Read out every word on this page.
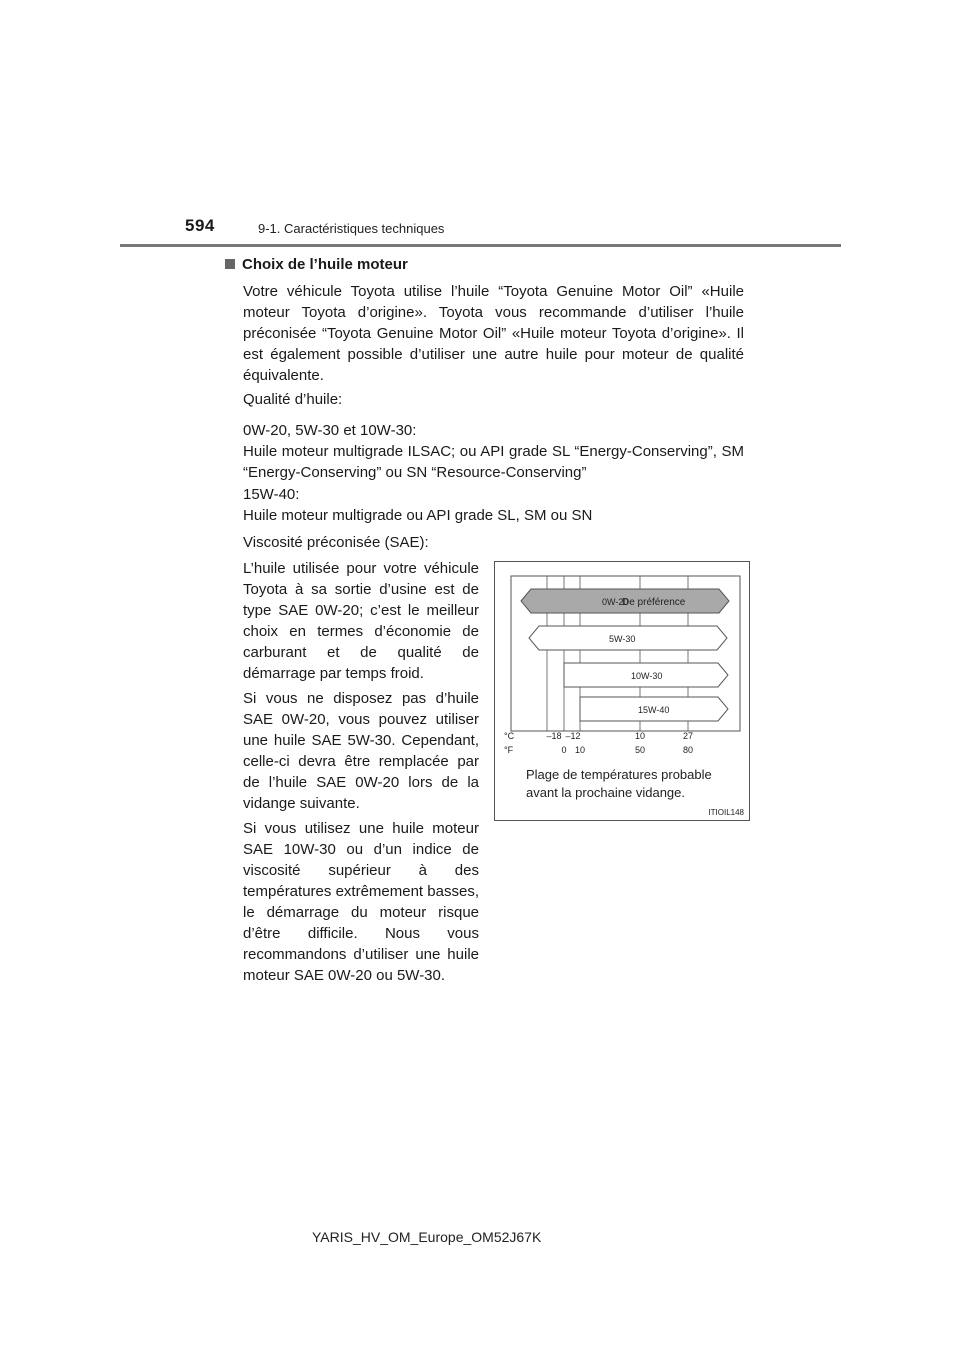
594	9-1. Caractéristiques techniques
Choix de l’huile moteur
Votre véhicule Toyota utilise l’huile “Toyota Genuine Motor Oil” «Huile moteur Toyota d’origine». Toyota vous recommande d’utiliser l’huile préconisée “Toyota Genuine Motor Oil” «Huile moteur Toyota d’origine». Il est également possible d’utiliser une autre huile pour moteur de qualité équivalente.
Qualité d’huile:
0W-20, 5W-30 et 10W-30:
Huile moteur multigrade ILSAC; ou API grade SL “Energy-Conserving”, SM “Energy-Conserving” ou SN “Resource-Conserving”
15W-40:
Huile moteur multigrade ou API grade SL, SM ou SN
Viscosité préconisée (SAE):
L’huile utilisée pour votre véhicule Toyota à sa sortie d’usine est de type SAE 0W-20; c’est le meilleur choix en termes d’économie de carburant et de qualité de démarrage par temps froid.
Si vous ne disposez pas d’huile SAE 0W-20, vous pouvez utiliser une huile SAE 5W-30. Cependant, celle-ci devra être remplacée par de l’huile SAE 0W-20 lors de la vidange suivante.
Si vous utilisez une huile moteur SAE 10W-30 ou d’un indice de viscosité supérieur à des températures extrêmement basses, le démarrage du moteur risque d’être difficile. Nous vous recommandons d’utiliser une huile moteur SAE 0W-20 ou 5W-30.
0W-20
De préférence
5W-30
10W-30
15W-40
°C
°F
–18 –12	10	27
0 10	50	80
Plage de températures probable avant la prochaine vidange.
ITIOIL148
YARIS_HV_OM_Europe_OM52J67K
